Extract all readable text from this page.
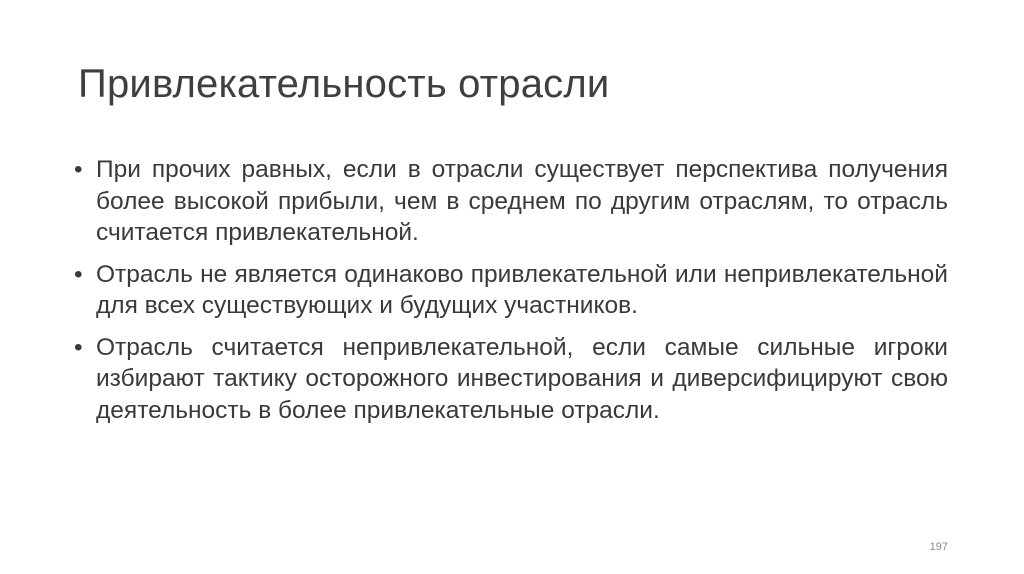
Привлекательность отрасли
• При прочих равных, если в отрасли существует перспектива получения более высокой прибыли, чем в среднем по другим отраслям, то отрасль считается привлекательной.
• Отрасль не является одинаково привлекательной или непривлекательной для всех существующих и будущих участников.
• Отрасль считается непривлекательной, если самые сильные игроки избирают тактику осторожного инвестирования и диверсифицируют свою деятельность в более привлекательные отрасли.
197
